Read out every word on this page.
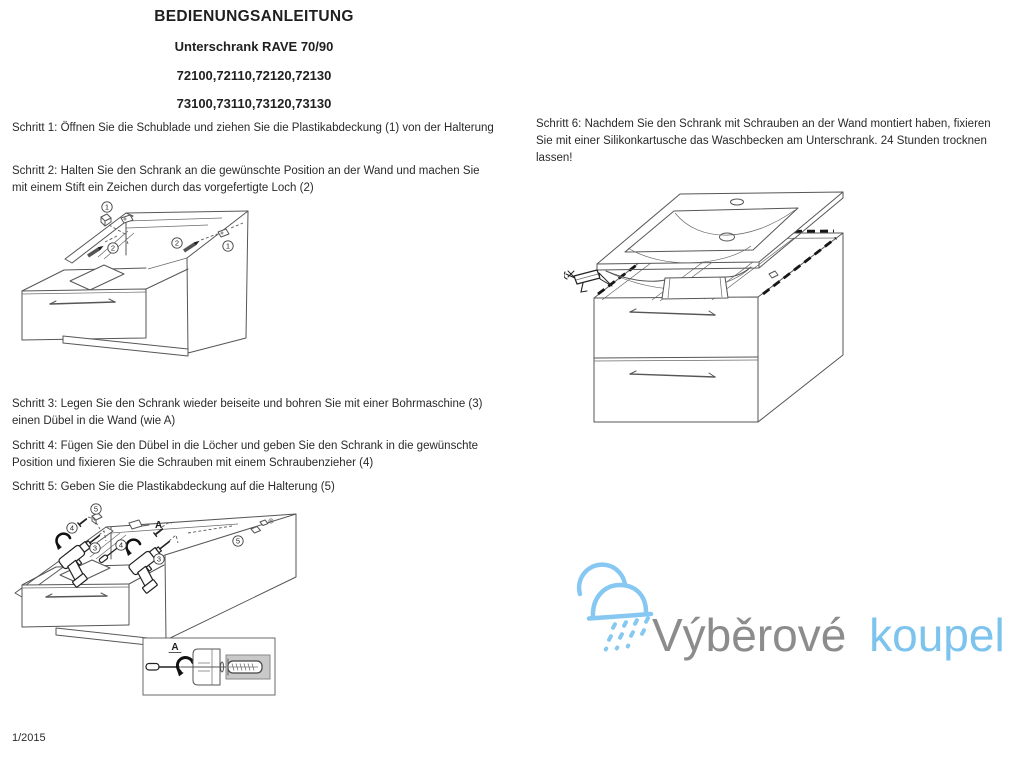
BEDIENUNGSANLEITUNG
Unterschrank RAVE 70/90
72100,72110,72120,72130
73100,73110,73120,73130
Schritt 1: Öffnen Sie die Schublade und ziehen Sie die Plastikabdeckung (1) von der Halterung
Schritt 2: Halten Sie den Schrank an die gewünschte Position an der Wand und machen Sie mit einem Stift ein Zeichen durch das vorgefertigte Loch (2)
Schritt 3: Legen Sie den Schrank wieder beiseite und bohren Sie mit einer Bohrmaschine (3) einen Dübel in die Wand (wie A)
Schritt 4: Fügen Sie den Dübel in die Löcher und geben Sie den Schrank in die gewünschte Position und fixieren Sie die Schrauben mit einem Schraubenzieher (4)
Schritt 5: Geben Sie die Plastikabdeckung auf die Halterung (5)
Schritt 6: Nachdem Sie den Schrank mit Schrauben an der Wand montiert haben, fixieren Sie mit einer Silikonkartusche das Waschbecken am Unterschrank. 24 Stunden trocknen lassen!
1
2
2	1
A
5
4
3	4
3
5
A	Výběrové koupel
1/2015
